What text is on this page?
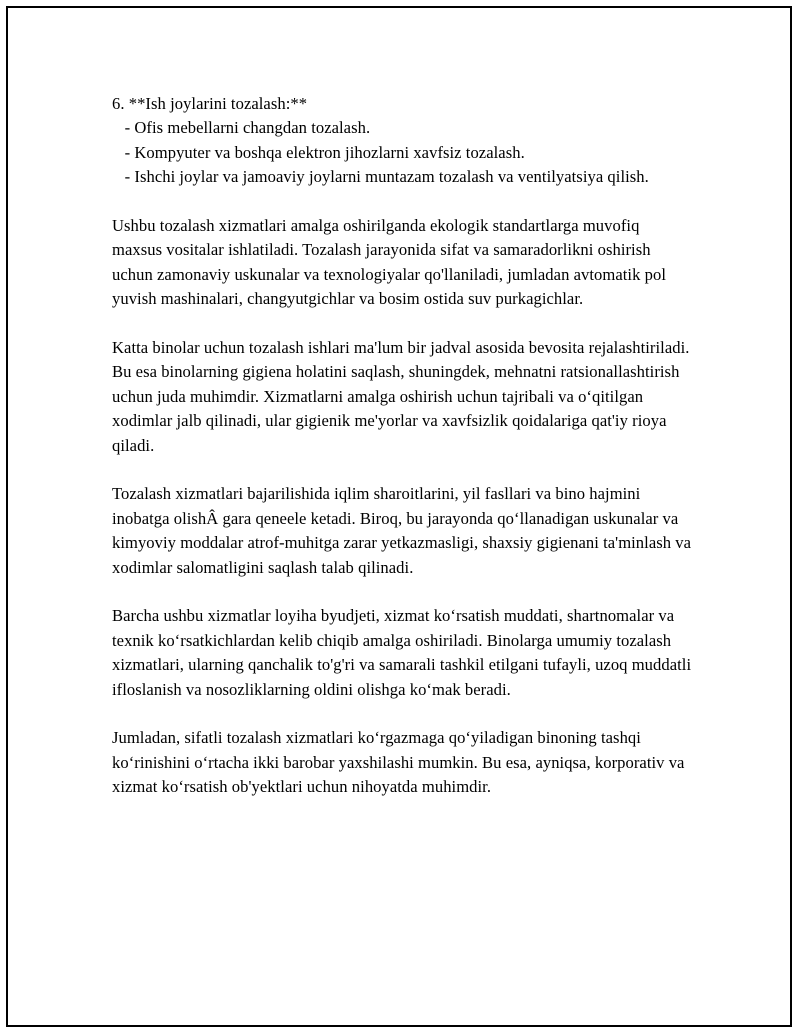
6. **Ish joylarini tozalash:**

- Ofis mebellarni changdan tozalash.

- Kompyuter va boshqa elektron jihozlarni xavfsiz tozalash.

- Ishchi joylar va jamoaviy joylarni muntazam tozalash va ventilyatsiya qilish.

Ushbu tozalash xizmatlari amalga oshirilganda ekologik standartlarga muvofiq maxsus vositalar ishlatiladi. Tozalash jarayonida sifat va samaradorlikni oshirish uchun zamonaviy uskunalar va texnologiyalar qo'llaniladi, jumladan avtomatik pol yuvish mashinalari, changyutgichlar va bosim ostida suv purkagichlar.

Katta binolar uchun tozalash ishlari ma'lum bir jadval asosida bevosita rejalashtiriladi. Bu esa binolarning gigiena holatini saqlash, shuningdek, mehnatni ratsionallashtirish uchun juda muhimdir. Xizmatlarni amalga oshirish uchun tajribali va o‘qitilgan xodimlar jalb qilinadi, ular gigienik me'yorlar va xavfsizlik qoidalariga qat'iy rioya qiladi.

Tozalash xizmatlari bajarilishida iqlim sharoitlarini, yil fasllari va bino hajmini inobatga olishÂ gara qeneele ketadi. Biroq, bu jarayonda qo‘llanadigan uskunalar va kimyoviy moddalar atrof-muhitga zarar yetkazmasligi, shaxsiy gigienani ta'minlash va xodimlar salomatligini saqlash talab qilinadi.

Barcha ushbu xizmatlar loyiha byudjeti, xizmat ko‘rsatish muddati, shartnomalar va texnik ko‘rsatkichlardan kelib chiqib amalga oshiriladi. Binolarga umumiy tozalash xizmatlari, ularning qanchalik to'g'ri va samarali tashkil etilgani tufayli, uzoq muddatli ifloslanish va nosozliklarning oldini olishga ko‘mak beradi.

Jumladan, sifatli tozalash xizmatlari ko‘rgazmaga qo‘yiladigan binoning tashqi ko‘rinishini o‘rtacha ikki barobar yaxshilashi mumkin. Bu esa, ayniqsa, korporativ va xizmat ko‘rsatish ob'yektlari uchun nihoyatda muhimdir.
